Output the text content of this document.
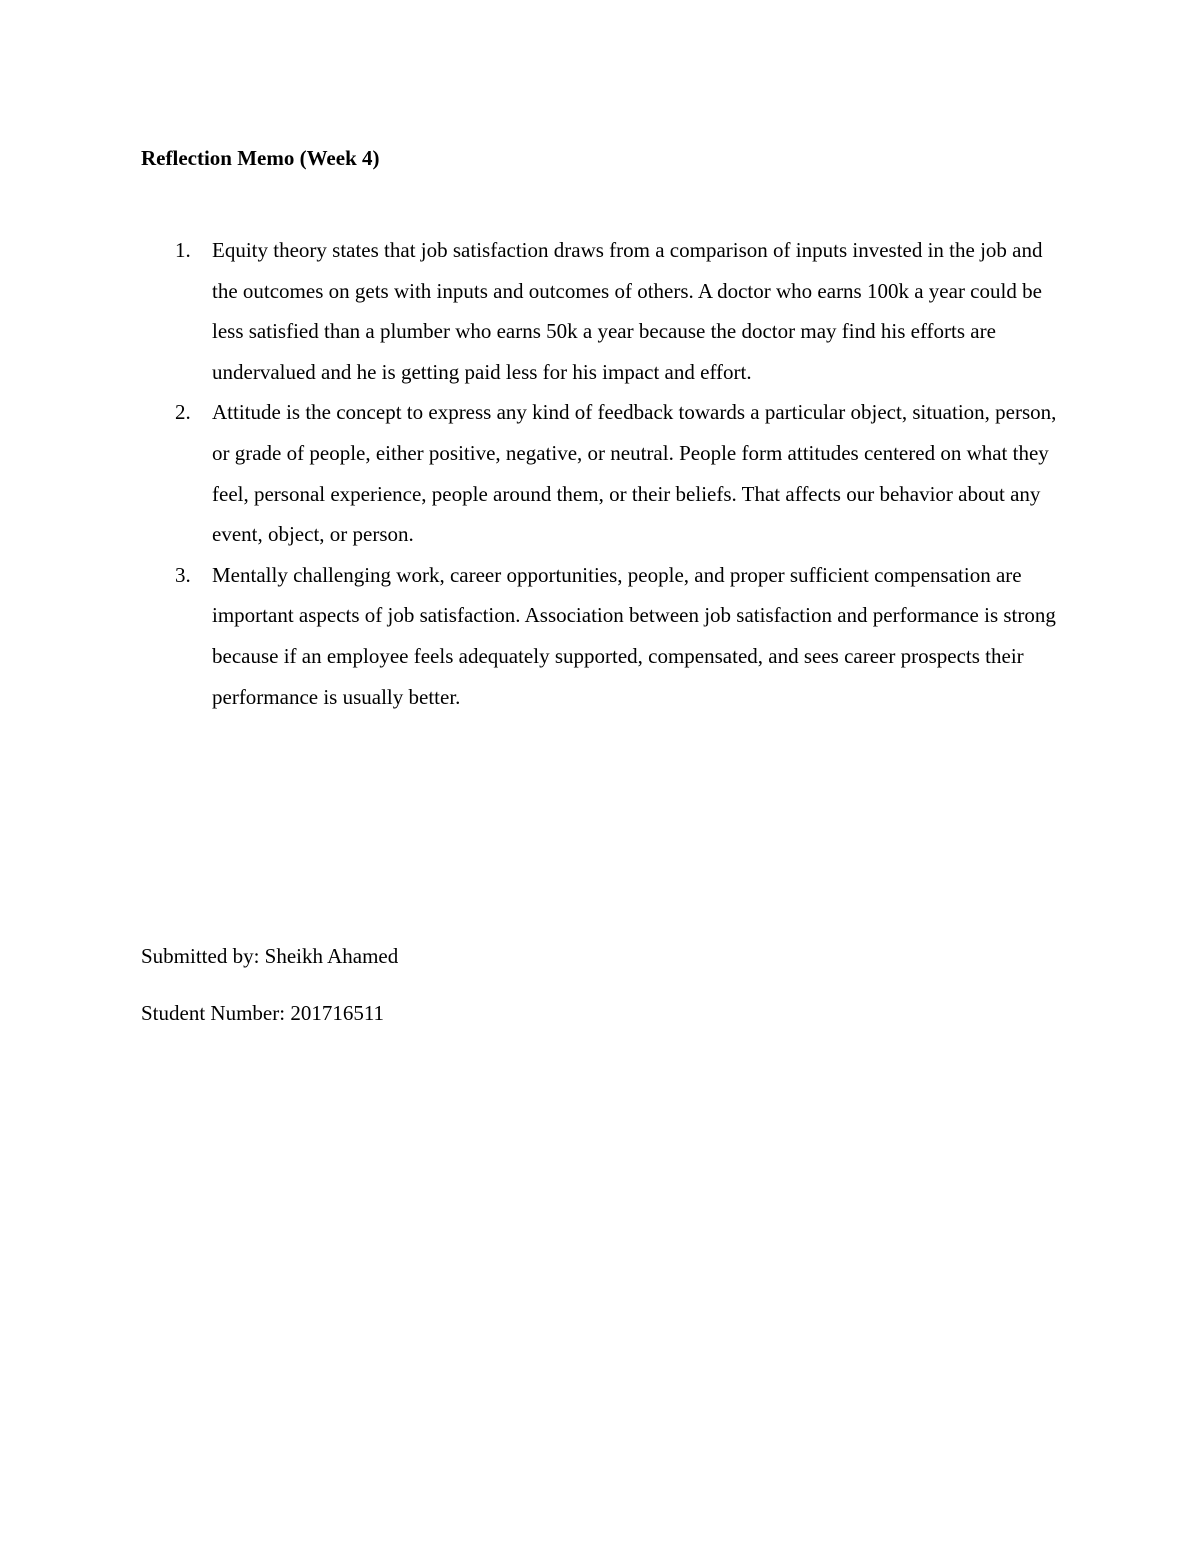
Reflection Memo (Week 4)
1. Equity theory states that job satisfaction draws from a comparison of inputs invested in the job and the outcomes on gets with inputs and outcomes of others. A doctor who earns 100k a year could be less satisfied than a plumber who earns 50k a year because the doctor may find his efforts are undervalued and he is getting paid less for his impact and effort.
2. Attitude is the concept to express any kind of feedback towards a particular object, situation, person, or grade of people, either positive, negative, or neutral. People form attitudes centered on what they feel, personal experience, people around them, or their beliefs. That affects our behavior about any event, object, or person.
3. Mentally challenging work, career opportunities, people, and proper sufficient compensation are important aspects of job satisfaction. Association between job satisfaction and performance is strong because if an employee feels adequately supported, compensated, and sees career prospects their performance is usually better.
Submitted by: Sheikh Ahamed
Student Number: 201716511
